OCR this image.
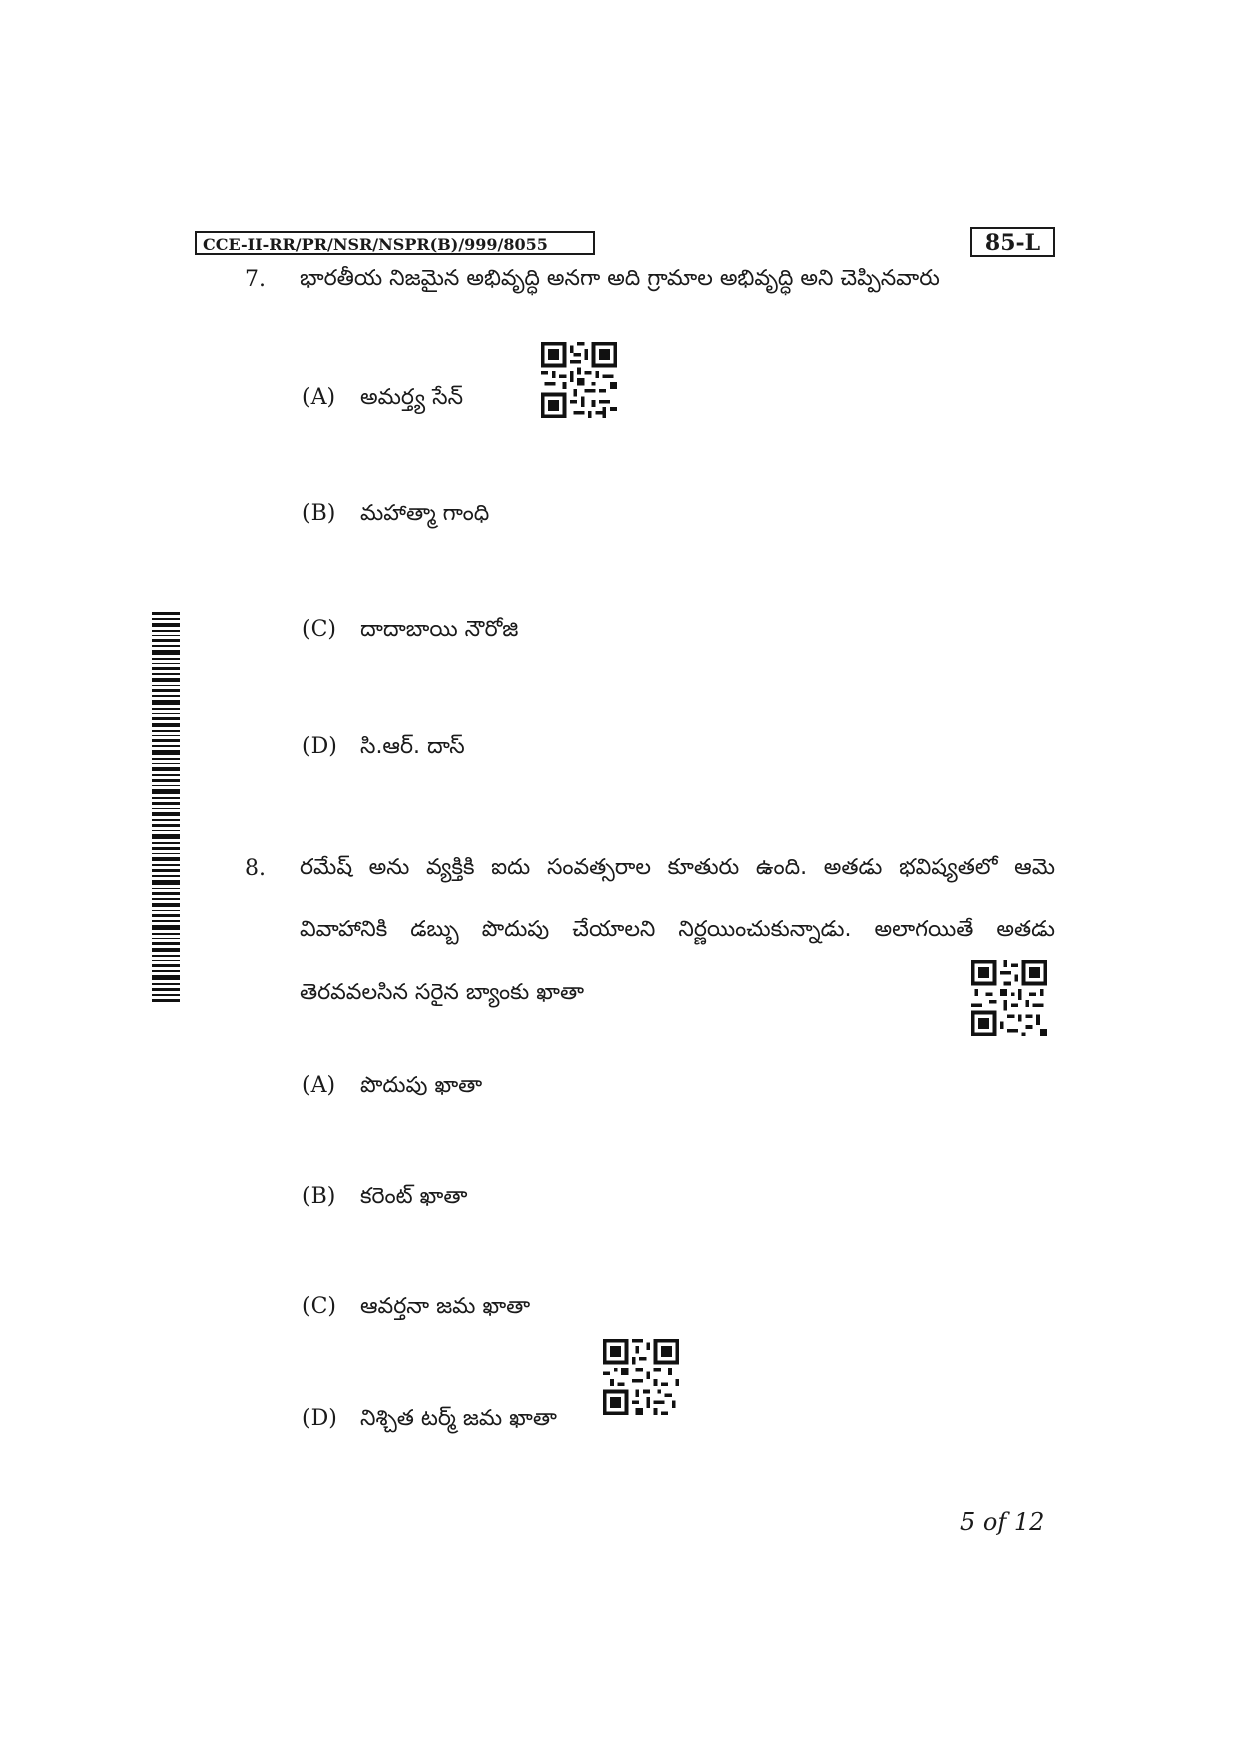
CCE-II-RR/PR/NSR/NSPR(B)/999/8055	85-L
7. భారతీయ నిజమైన అభివృద్ధి అనగా అది గ్రామాల అభివృద్ధి అని చెప్పినవారు
(A) అమర్త్య సేన్
(B) మహాత్మా గాంధి
(C) దాదాబాయి నౌరోజి
(D) సి.ఆర్. దాస్
8. రమేష్ అను వ్యక్తికి ఐదు సంవత్సరాల కూతురు ఉంది. అతడు భవిష్యతలో ఆమె
వివాహానికి డబ్బు పొదుపు చేయాలని నిర్ణయించుకున్నాడు. అలాగయితే అతడు
తెరవవలసిన సరైన బ్యాంకు ఖాతా
(A) పొదుపు ఖాతా
(B) కరెంట్ ఖాతా
(C) ఆవర్తనా జమ ఖాతా
(D) నిశ్చిత టర్మ్ జమ ఖాతా
5 of 12
